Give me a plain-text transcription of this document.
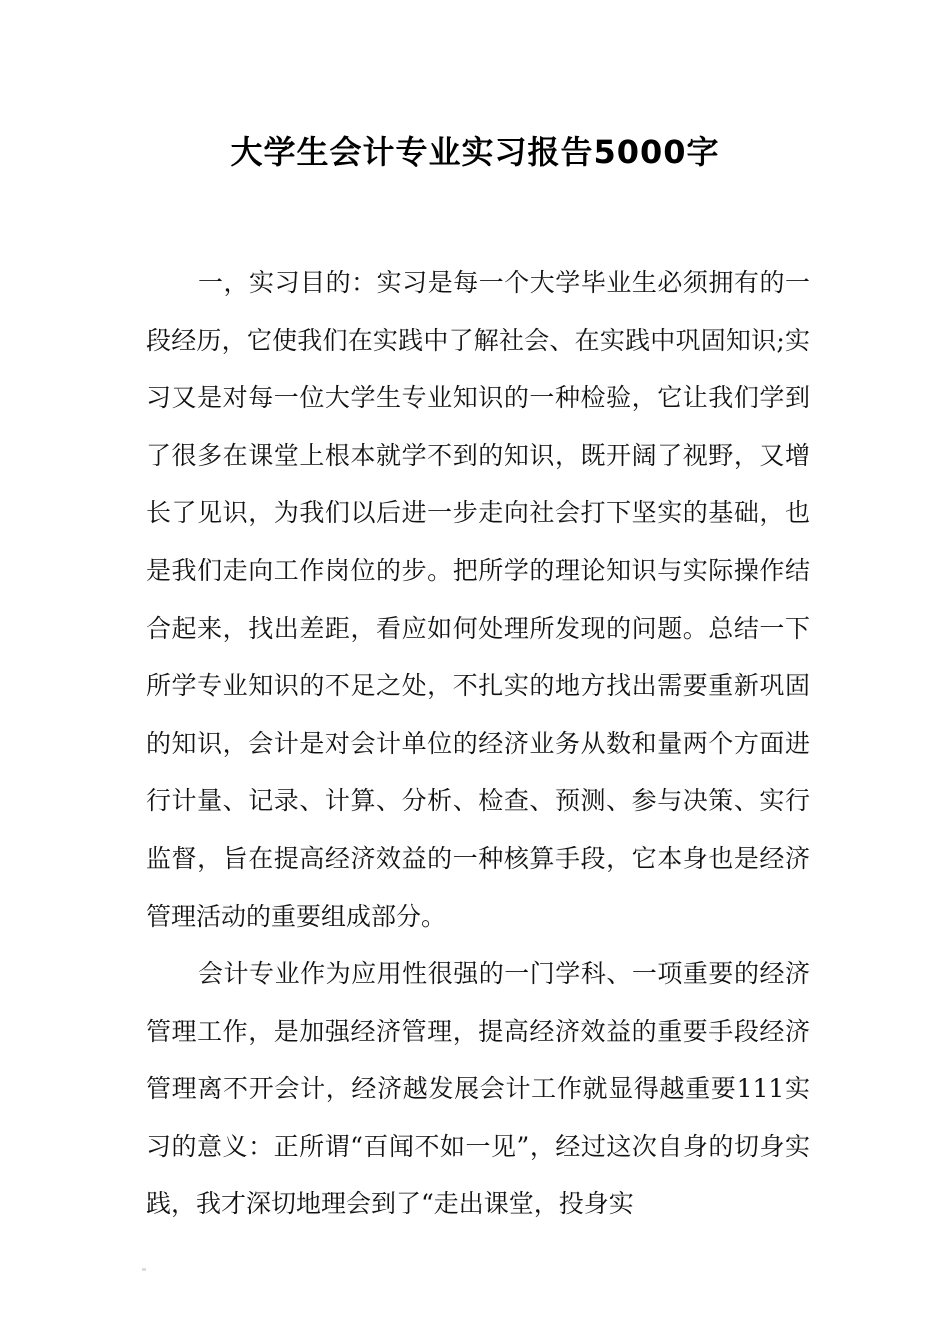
大学生会计专业实习报告5000字

一，实习目的：实习是每一个大学毕业生必须拥有的一段经历，它使我们在实践中了解社会、在实践中巩固知识;实习又是对每一位大学生专业知识的一种检验，它让我们学到了很多在课堂上根本就学不到的知识，既开阔了视野，又增长了见识，为我们以后进一步走向社会打下坚实的基础，也是我们走向工作岗位的步。把所学的理论知识与实际操作结合起来，找出差距，看应如何处理所发现的问题。总结一下所学专业知识的不足之处，不扎实的地方找出需要重新巩固的知识，会计是对会计单位的经济业务从数和量两个方面进行计量、记录、计算、分析、检查、预测、参与决策、实行监督，旨在提高经济效益的一种核算手段，它本身也是经济管理活动的重要组成部分。

会计专业作为应用性很强的一门学科、一项重要的经济管理工作，是加强经济管理，提高经济效益的重要手段经济管理离不开会计，经济越发展会计工作就显得越重要111实习的意义：正所谓“百闻不如一见”，经过这次自身的切身实践，我才深切地理会到了“走出课堂，投身实
